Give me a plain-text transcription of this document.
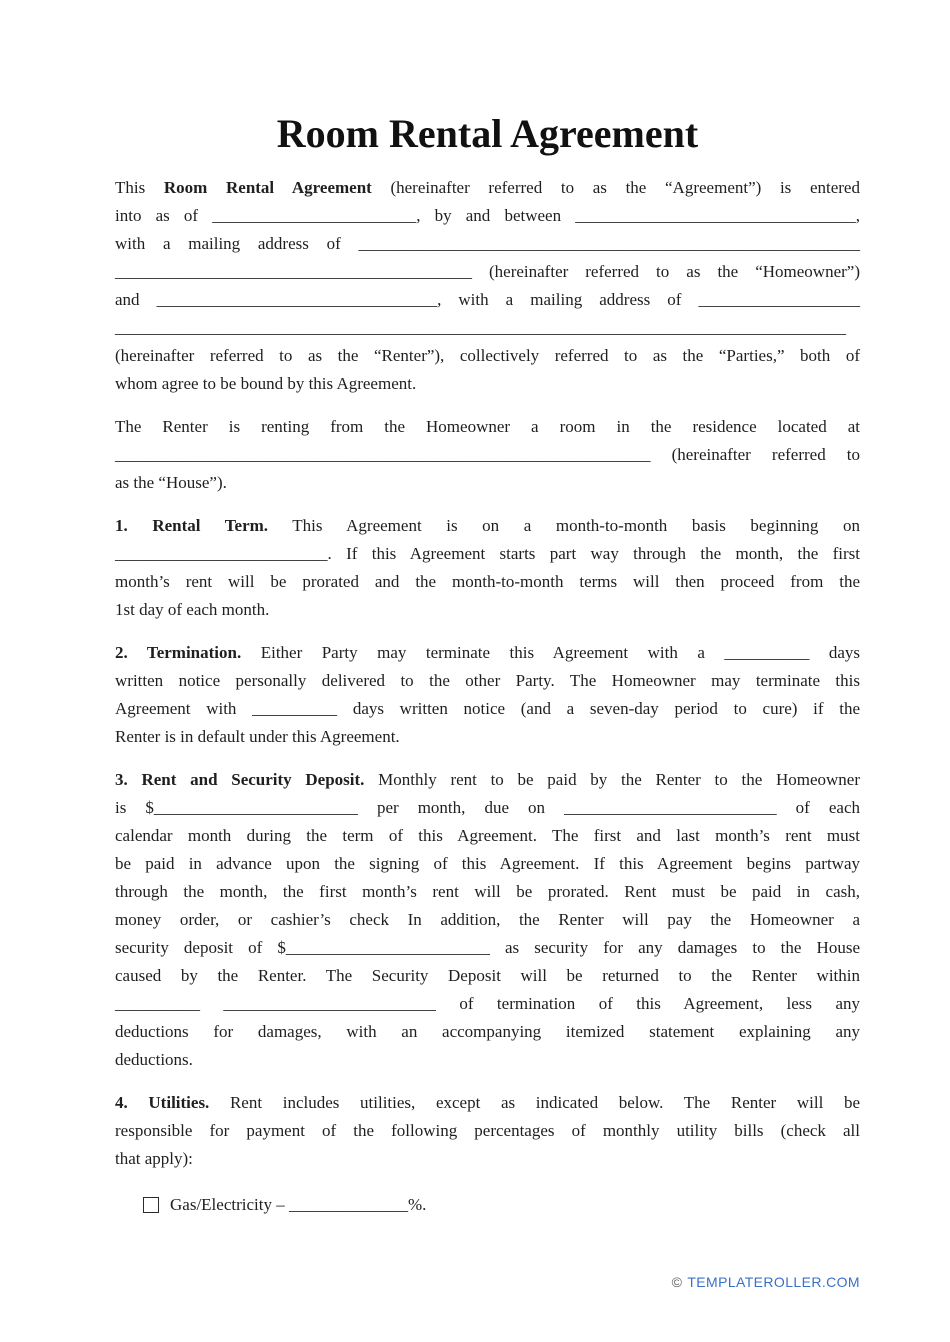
Room Rental Agreement
This Room Rental Agreement (hereinafter referred to as the “Agreement”) is entered
into as of ________________________, by and between _________________________________,
with a mailing address of ___________________________________________________________
__________________________________________ (hereinafter referred to as the “Homeowner”)
and _________________________________, with a mailing address of ___________________
______________________________________________________________________________________
(hereinafter referred to as the “Renter”), collectively referred to as the “Parties,” both of
whom agree to be bound by this Agreement.
The Renter is renting from the Homeowner a room in the residence located at
_______________________________________________________________ (hereinafter referred to
as the “House”).
1. Rental Term. This Agreement is on a month-to-month basis beginning on
_________________________. If this Agreement starts part way through the month, the first
month’s rent will be prorated and the month-to-month terms will then proceed from the
1st day of each month.
2. Termination. Either Party may terminate this Agreement with a __________ days
written notice personally delivered to the other Party. The Homeowner may terminate this
Agreement with __________ days written notice (and a seven-day period to cure) if the
Renter is in default under this Agreement.
3. Rent and Security Deposit. Monthly rent to be paid by the Renter to the Homeowner
is $________________________ per month, due on _________________________ of each
calendar month during the term of this Agreement. The first and last month’s rent must
be paid in advance upon the signing of this Agreement. If this Agreement begins partway
through the month, the first month’s rent will be prorated. Rent must be paid in cash,
money order, or cashier’s check In addition, the Renter will pay the Homeowner a
security deposit of $________________________ as security for any damages to the House
caused by the Renter. The Security Deposit will be returned to the Renter within
__________ _________________________ of termination of this Agreement, less any
deductions for damages, with an accompanying itemized statement explaining any
deductions.
4. Utilities. Rent includes utilities, except as indicated below. The Renter will be
responsible for payment of the following percentages of monthly utility bills (check all
that apply):
Gas/Electricity – ______________%.
© TEMPLATEROLLER.COM
